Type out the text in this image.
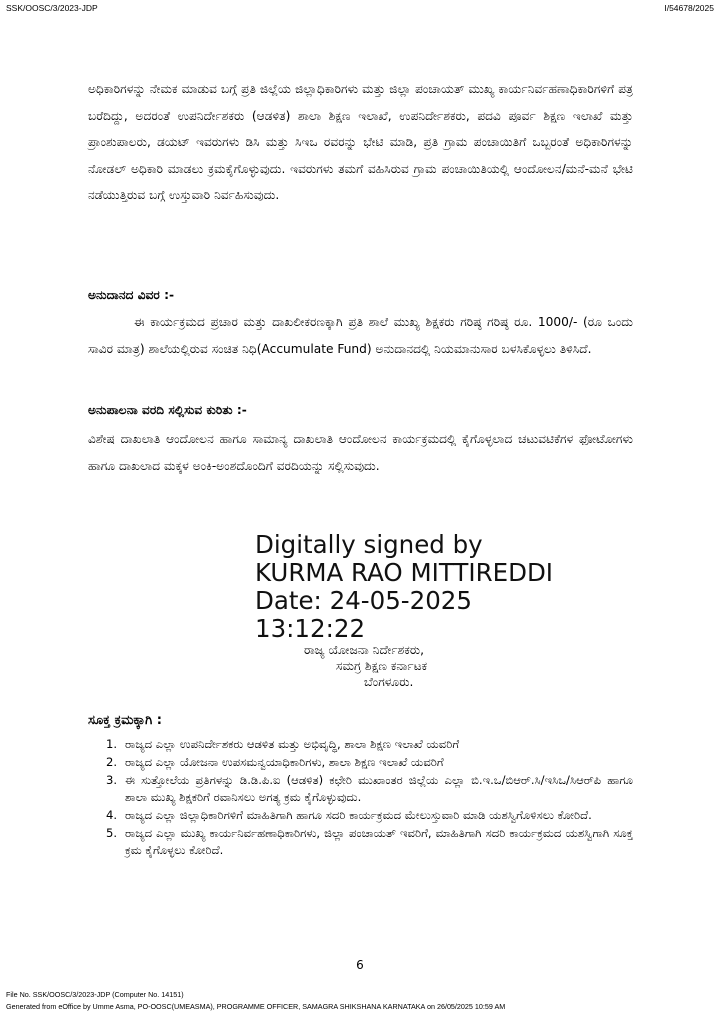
SSK/OOSC/3/2023-JDP	I/54678/2025

ಅಧಿಕಾರಿಗಳನ್ನು ನೇಮಕ ಮಾಡುವ ಬಗ್ಗೆ ಪ್ರತಿ ಜಿಲ್ಲೆಯ ಜಿಲ್ಲಾಧಿಕಾರಿಗಳು ಮತ್ತು ಜಿಲ್ಲಾ ಪಂಚಾಯತ್ ಮುಖ್ಯ ಕಾರ್ಯನಿರ್ವಹಣಾಧಿಕಾರಿಗಳಿಗೆ ಪತ್ರ ಬರೆದಿದ್ದು, ಅದರಂತೆ ಉಪನಿರ್ದೇಶಕರು (ಆಡಳಿತ) ಶಾಲಾ ಶಿಕ್ಷಣ ಇಲಾಖೆ, ಉಪನಿರ್ದೇಶಕರು, ಪದವಿ ಪೂರ್ವ ಶಿಕ್ಷಣ ಇಲಾಖೆ ಮತ್ತು ಪ್ರಾಂಶುಪಾಲರು, ಡಯಟ್ ಇವರುಗಳು ಡಿಸಿ ಮತ್ತು ಸಿಇಒ ರವರನ್ನು ಭೇಟಿ ಮಾಡಿ, ಪ್ರತಿ ಗ್ರಾಮ ಪಂಚಾಯಿತಿಗೆ ಒಬ್ಬರಂತೆ ಅಧಿಕಾರಿಗಳನ್ನು ನೋಡಲ್ ಅಧಿಕಾರಿ ಮಾಡಲು ಕ್ರಮಕೈಗೊಳ್ಳುವುದು. ಇವರುಗಳು ತಮಗೆ ವಹಿಸಿರುವ ಗ್ರಾಮ ಪಂಚಾಯಿತಿಯಲ್ಲಿ ಆಂದೋಲನ/ಮನೆ-ಮನೆ ಭೇಟಿ ನಡೆಯುತ್ತಿರುವ ಬಗ್ಗೆ ಉಸ್ತುವಾರಿ ನಿರ್ವಹಿಸುವುದು.

ಅನುದಾನದ ವಿವರ :-

ಈ ಕಾರ್ಯಕ್ರಮದ ಪ್ರಚಾರ ಮತ್ತು ದಾಖಲೀಕರಣಕ್ಕಾಗಿ ಪ್ರತಿ ಶಾಲೆ ಮುಖ್ಯ ಶಿಕ್ಷಕರು ಗರಿಷ್ಠ ಗರಿಷ್ಠ ರೂ. 1000/- (ರೂ ಒಂದು ಸಾವಿರ ಮಾತ್ರ) ಶಾಲೆಯಲ್ಲಿರುವ ಸಂಚಿತ ನಿಧಿ(Accumulate Fund) ಅನುದಾನದಲ್ಲಿ ನಿಯಮಾನುಸಾರ ಬಳಸಿಕೊಳ್ಳಲು ತಿಳಿಸಿದೆ.

ಅನುಪಾಲನಾ ವರದಿ ಸಲ್ಲಿಸುವ ಕುರಿತು :-

ವಿಶೇಷ ದಾಖಲಾತಿ ಆಂದೋಲನ ಹಾಗೂ ಸಾಮಾನ್ಯ ದಾಖಲಾತಿ ಆಂದೋಲನ ಕಾರ್ಯಕ್ರಮದಲ್ಲಿ ಕೈಗೊಳ್ಳಲಾದ ಚಟುವಟಿಕೆಗಳ ಫೋಟೋಗಳು ಹಾಗೂ ದಾಖಲಾದ ಮಕ್ಕಳ ಅಂಕಿ-ಅಂಶದೊಂದಿಗೆ ವರದಿಯನ್ನು ಸಲ್ಲಿಸುವುದು.

Digitally signed by
KURMA RAO MITTIREDDI
Date: 24-05-2025
13:12:22
ರಾಜ್ಯ ಯೋಜನಾ ನಿರ್ದೇಶಕರು,
ಸಮಗ್ರ ಶಿಕ್ಷಣ ಕರ್ನಾಟಕ
ಬೆಂಗಳೂರು.
ಸೂಕ್ತ ಕ್ರಮಕ್ಕಾಗಿ :
1. ರಾಜ್ಯದ ಎಲ್ಲಾ ಉಪನಿರ್ದೇಶಕರು ಆಡಳಿತ ಮತ್ತು ಅಭಿವೃದ್ಧಿ, ಶಾಲಾ ಶಿಕ್ಷಣ ಇಲಾಖೆ ಯವರಿಗೆ
2. ರಾಜ್ಯದ ಎಲ್ಲಾ ಯೋಜನಾ ಉಪಸಮನ್ವಯಾಧಿಕಾರಿಗಳು, ಶಾಲಾ ಶಿಕ್ಷಣ ಇಲಾಖೆ ಯವರಿಗೆ
3. ಈ ಸುತ್ತೋಲೆಯ ಪ್ರತಿಗಳನ್ನು ಡಿ.ಡಿ.ಪಿ.ಐ (ಆಡಳಿತ) ಕಛೇರಿ ಮುಖಾಂತರ ಜಿಲ್ಲೆಯ ಎಲ್ಲಾ ಬಿ.ಇ.ಒ/ಬಿಆರ್.ಸಿ/ಇಸಿಒ/ಸಿಆರ್‌ಪಿ ಹಾಗೂ ಶಾಲಾ ಮುಖ್ಯ ಶಿಕ್ಷಕರಿಗೆ ರವಾನಿಸಲು ಅಗತ್ಯ ಕ್ರಮ ಕೈಗೊಳ್ಳುವುದು.
4. ರಾಜ್ಯದ ಎಲ್ಲಾ ಜಿಲ್ಲಾಧಿಕಾರಿಗಳಿಗೆ ಮಾಹಿತಿಗಾಗಿ ಹಾಗೂ ಸದರಿ ಕಾರ್ಯಕ್ರಮದ ಮೇಲುಸ್ತುವಾರಿ ಮಾಡಿ ಯಶಸ್ವಿಗೊಳಿಸಲು ಕೋರಿದೆ.
5. ರಾಜ್ಯದ ಎಲ್ಲಾ ಮುಖ್ಯ ಕಾರ್ಯನಿರ್ವಹಣಾಧಿಕಾರಿಗಳು, ಜಿಲ್ಲಾ ಪಂಚಾಯತ್ ಇವರಿಗೆ, ಮಾಹಿತಿಗಾಗಿ ಸದರಿ ಕಾರ್ಯಕ್ರಮದ ಯಶಸ್ವಿಗಾಗಿ ಸೂಕ್ತ ಕ್ರಮ ಕೈಗೊಳ್ಳಲು ಕೋರಿದೆ.
6
File No. SSK/OOSC/3/2023-JDP (Computer No. 14151)
Generated from eOffice by Umme Asma, PO-OOSC(UMEASMA), PROGRAMME OFFICER, SAMAGRA SHIKSHANA KARNATAKA on 26/05/2025 10:59 AM
